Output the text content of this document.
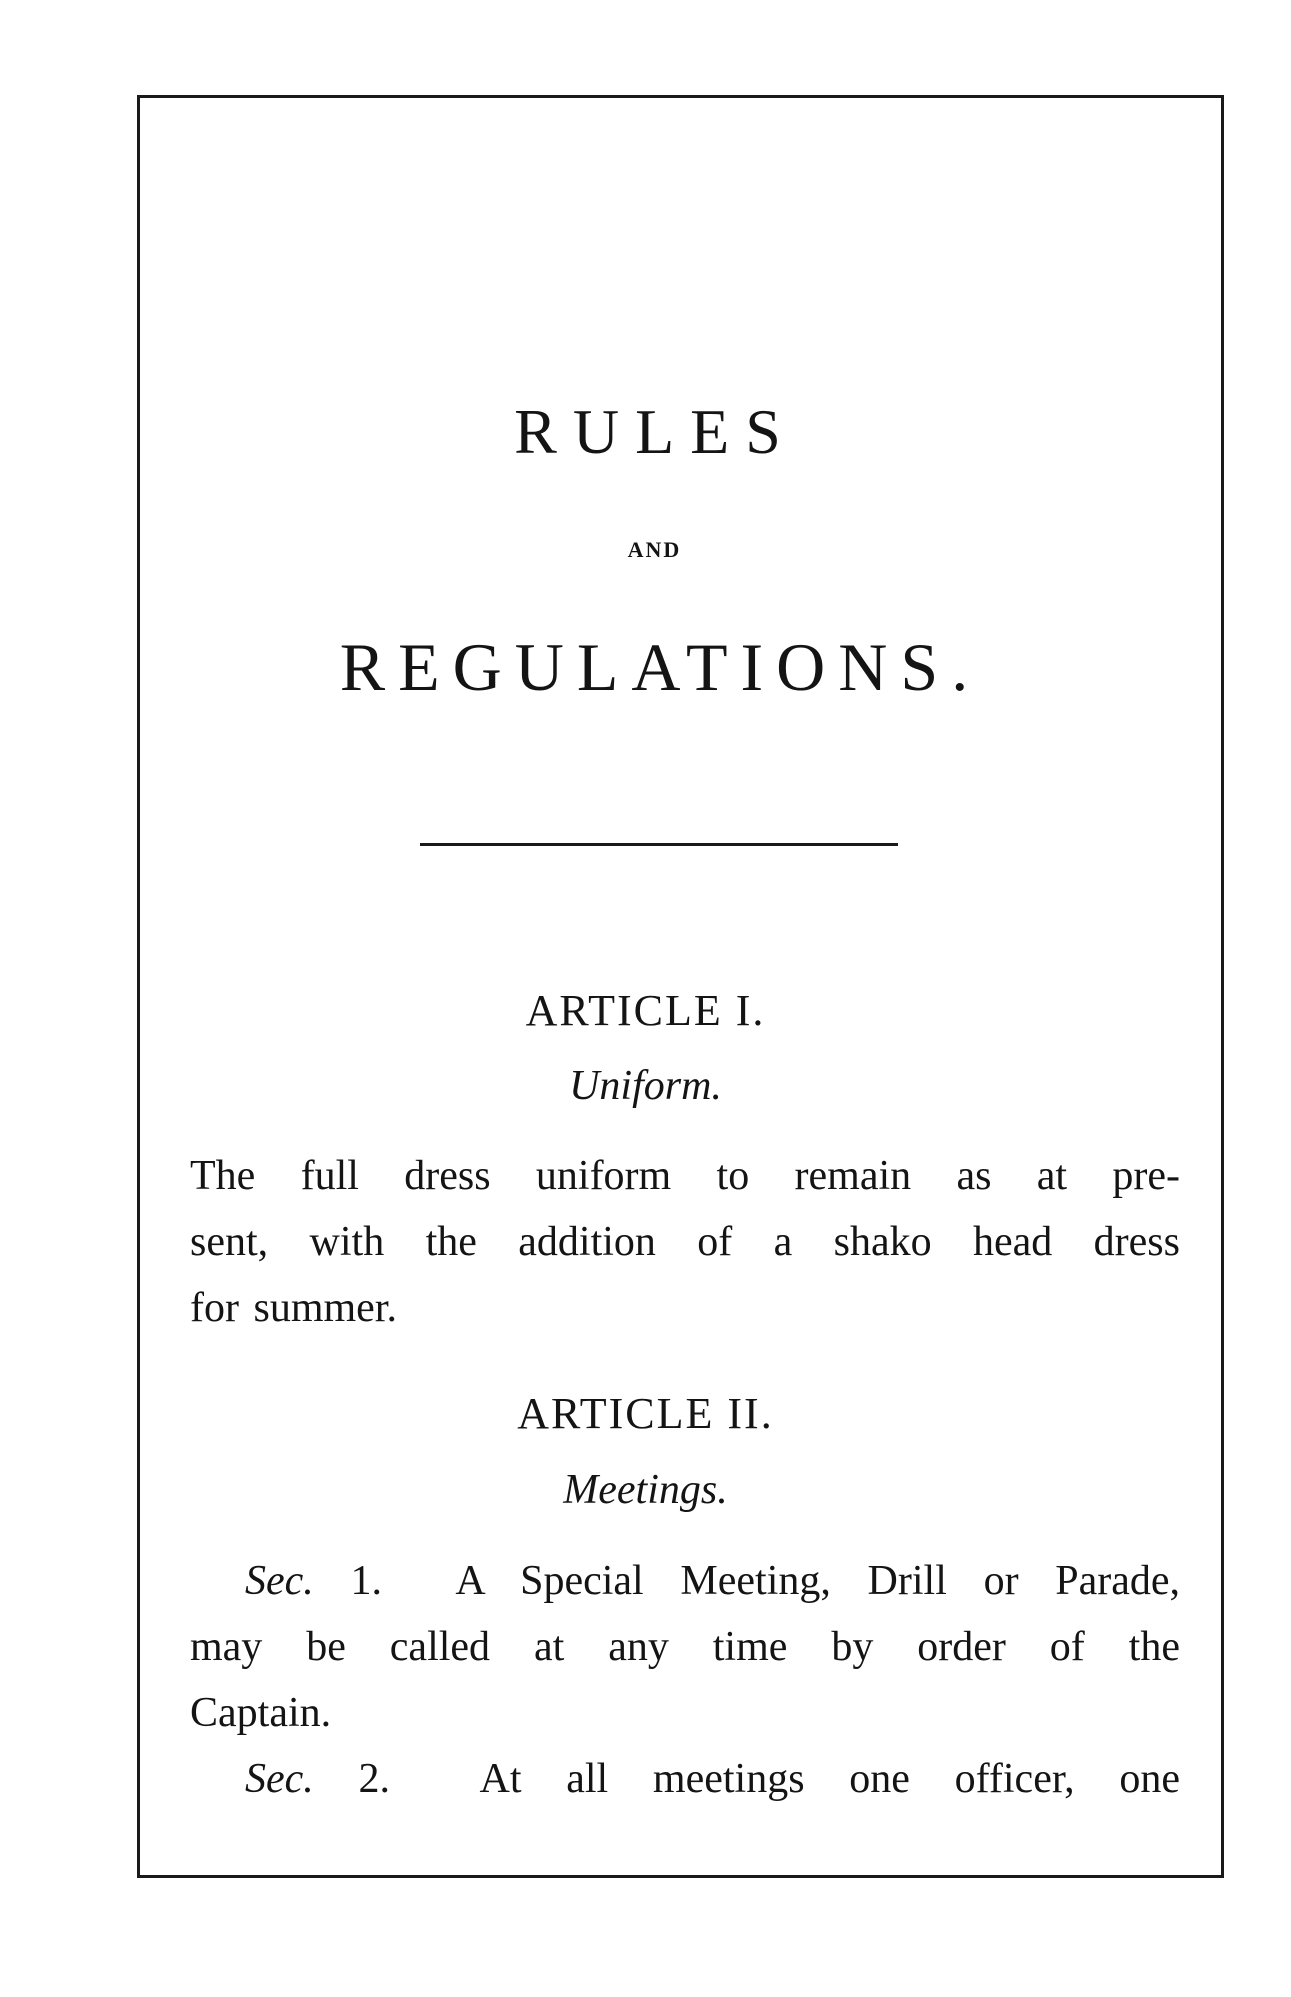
RULES
AND
REGULATIONS.
ARTICLE I.
Uniform.
The full dress uniform to remain as at pre-
sent, with the addition of a shako head dress
for summer.
ARTICLE II.
Meetings.
Sec. 1. A Special Meeting, Drill or Parade,
may be called at any time by order of the
Captain.
Sec. 2. At all meetings one officer, one
